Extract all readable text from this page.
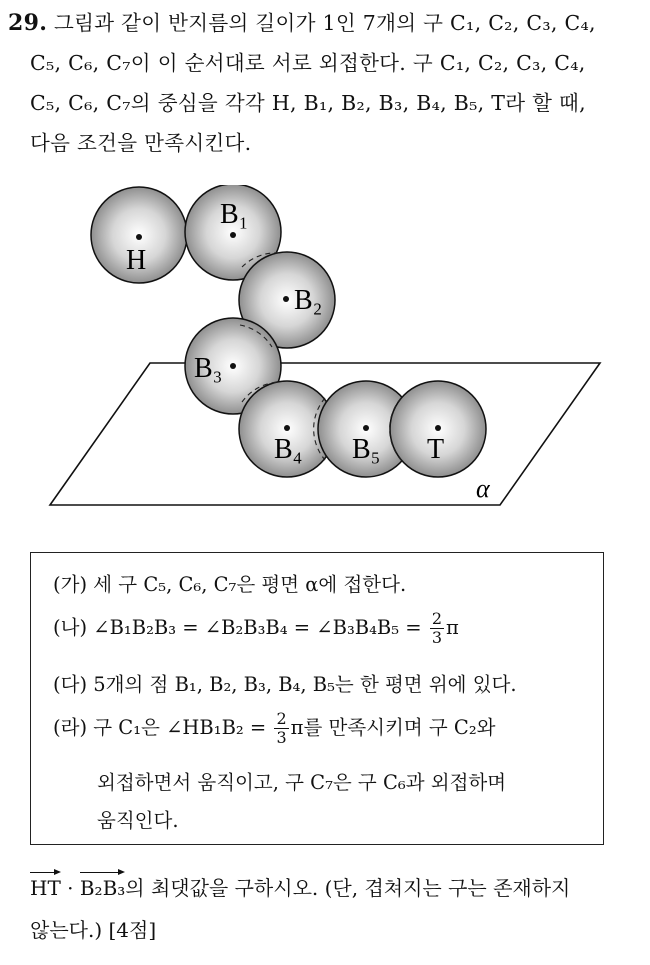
29. 그림과 같이 반지름의 길이가 1인 7개의 구 C₁, C₂, C₃, C₄,
C₅, C₆, C₇이 이 순서대로 서로 외접한다. 구 C₁, C₂, C₃, C₄,
C₅, C₆, C₇의 중심을 각각 H, B₁, B₂, B₃, B₄, B₅, T라 할 때,
다음 조건을 만족시킨다.
H
B₁
B₂
B₃
B₄ B₅ T
α
(가) 세 구 C₅, C₆, C₇은 평면 α에 접한다.
(나) ∠B₁B₂B₃ = ∠B₂B₃B₄ = ∠B₃B₄B₅ = $\frac{2}{3}$ π
(다) 5개의 점 B₁, B₂, B₃, B₄, B₅는 한 평면 위에 있다.
(라) 구 C₁은 ∠HB₁B₂ = $\frac{2}{3}$ π를 만족시키며 구 C₂와
외접하면서 움직이고, 구 C₇은 구 C₆과 외접하며
움직인다.
HT · B₂B₃의 최댓값을 구하시오. (단, 겹쳐지는 구는 존재하지
않는다.) [4점]
